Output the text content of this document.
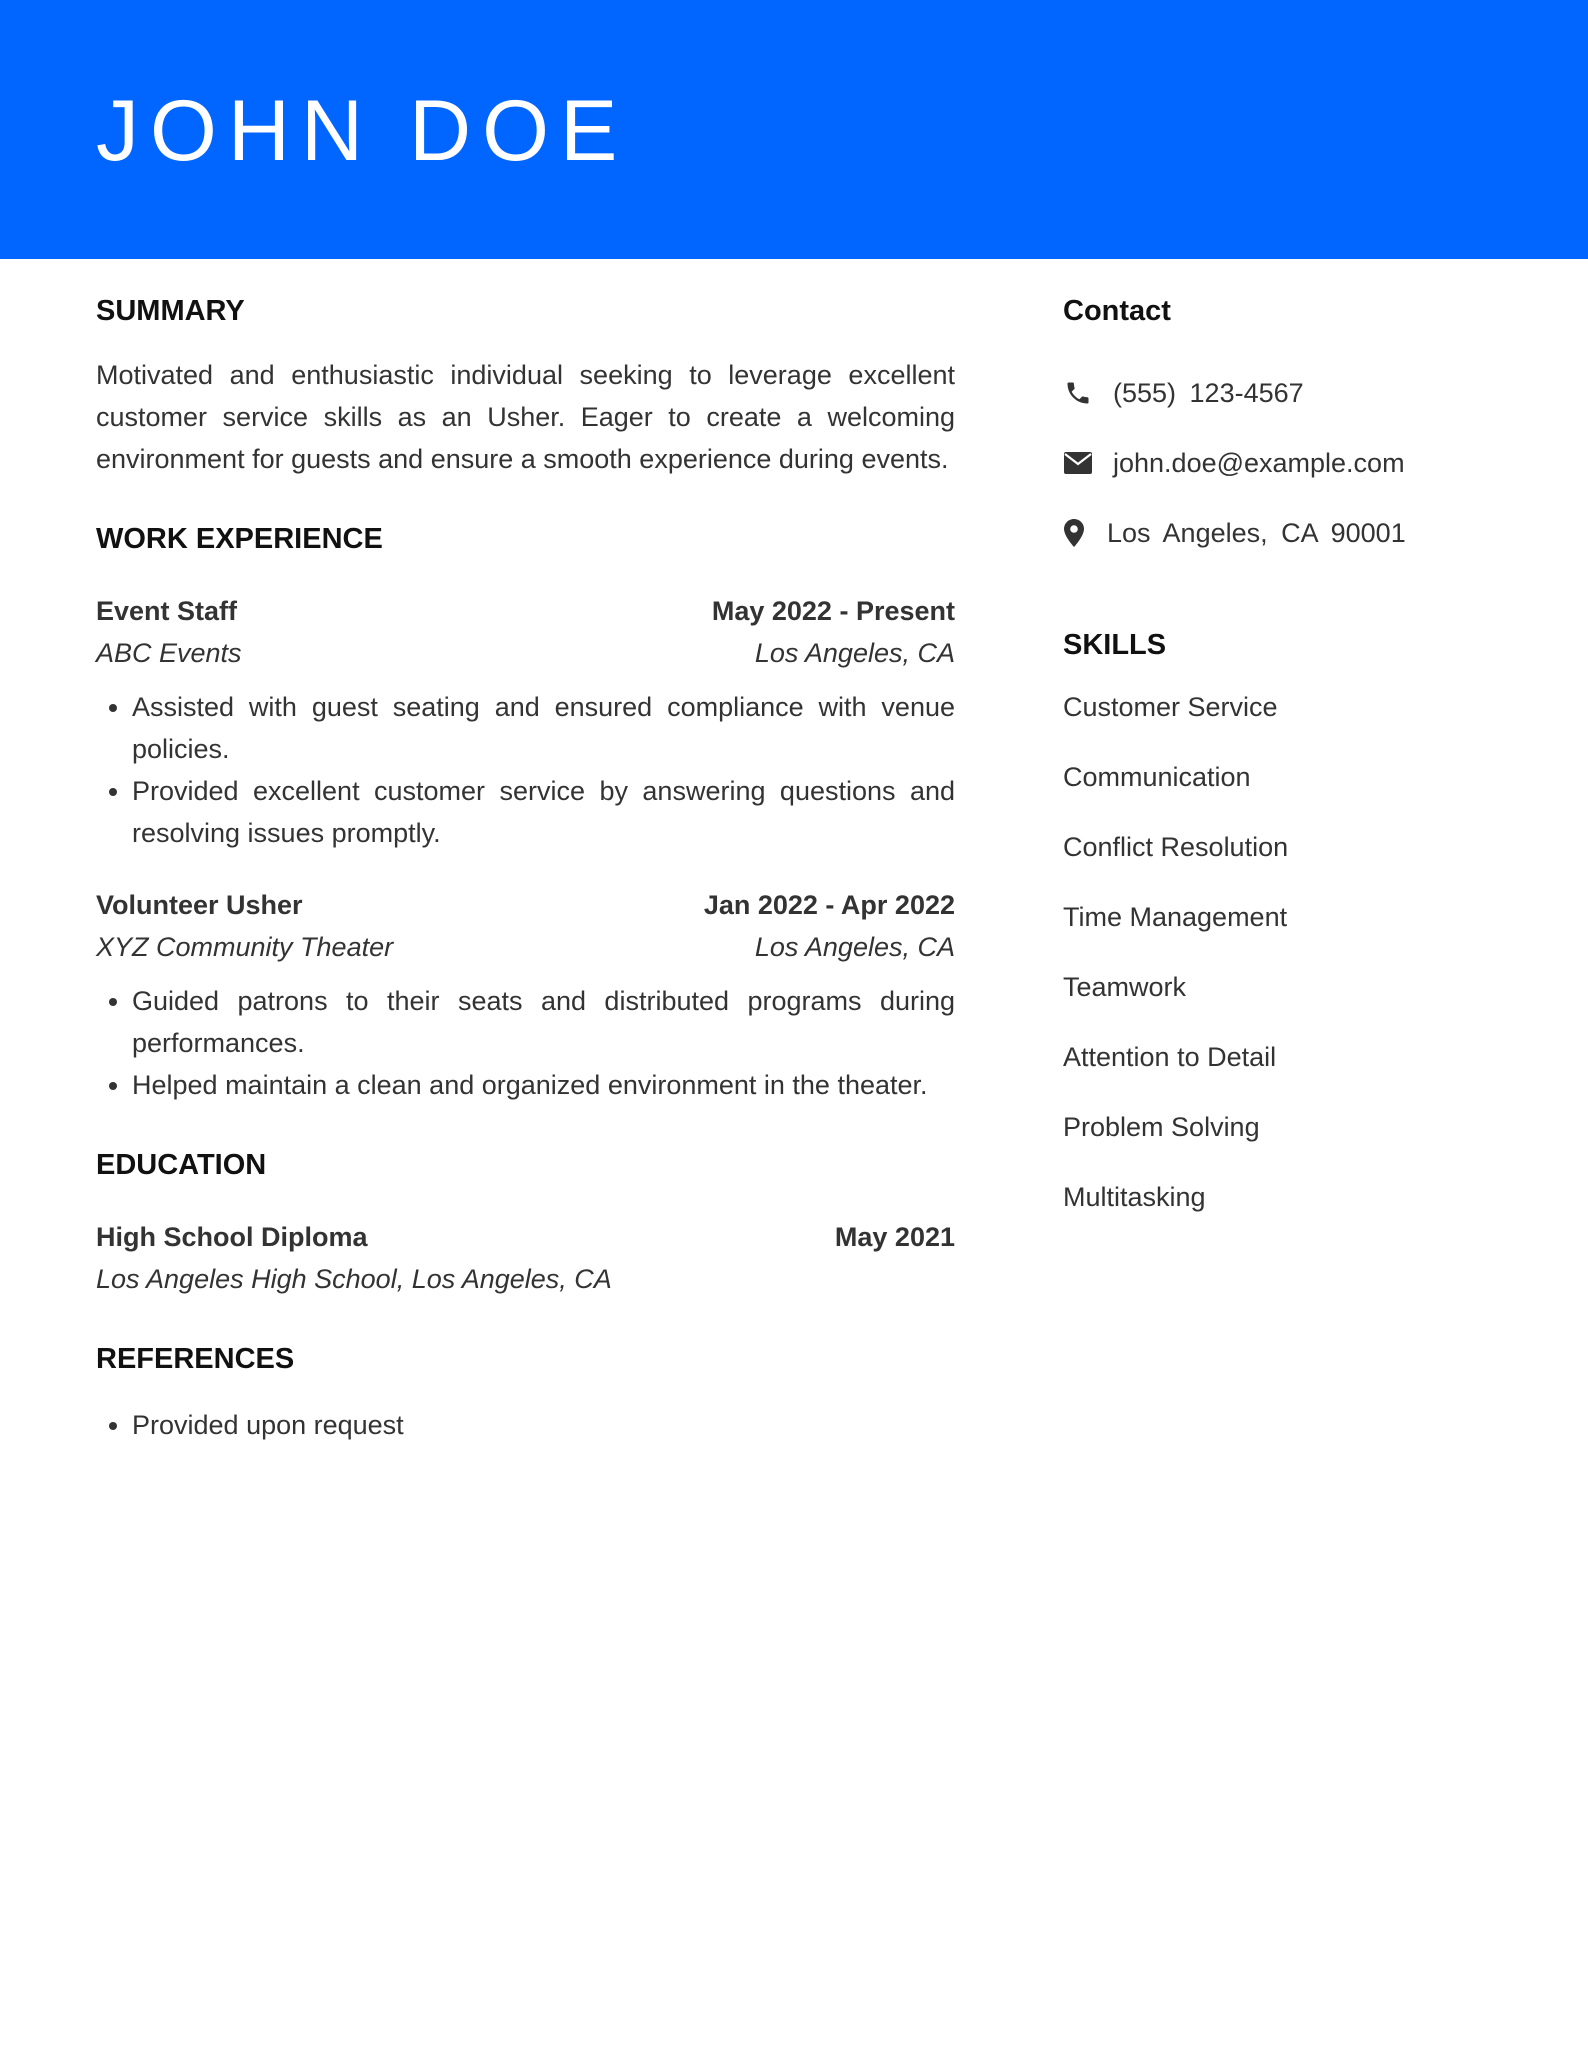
JOHN DOE
SUMMARY

Motivated and enthusiastic individual seeking to leverage excellent customer service skills as an Usher. Eager to create a welcoming environment for guests and ensure a smooth experience during events.

WORK EXPERIENCE
Event Staff	May 2022 - Present
ABC Events	Los Angeles, CA
• Assisted with guest seating and ensured compliance with venue policies.
• Provided excellent customer service by answering questions and resolving issues promptly.
Volunteer Usher	Jan 2022 - Apr 2022
XYZ Community Theater	Los Angeles, CA
• Guided patrons to their seats and distributed programs during performances.
• Helped maintain a clean and organized environment in the theater.
EDUCATION
High School Diploma	May 2021
Los Angeles High School, Los Angeles, CA
REFERENCES
• Provided upon request
Contact
(555) 123-4567
john.doe@example.com
Los Angeles, CA 90001
SKILLS
Customer Service
Communication
Conflict Resolution
Time Management
Teamwork
Attention to Detail
Problem Solving
Multitasking
